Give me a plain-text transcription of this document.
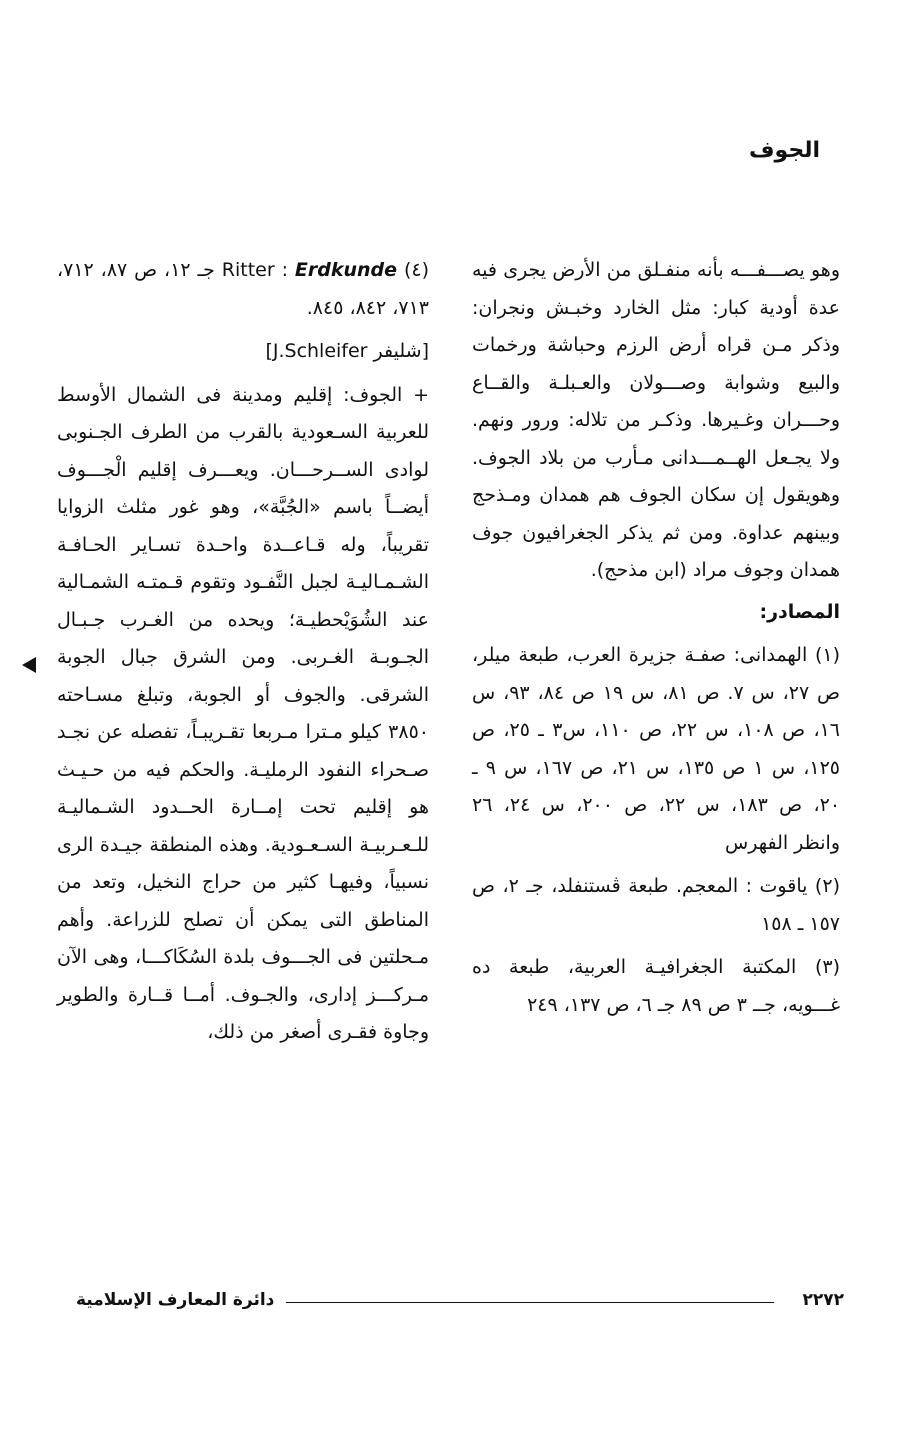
الجوف

وهو يصـــفـــه بأنه منفـلق من الأرض يجرى فيه عدة أودية كبار: مثل الخارد وخبـش ونجران: وذكر مـن قراه أرض الرزم وحباشة ورخمات والبيع وشوابة وصـــولان والعـبلـة والقــاع وحـــران وغـيرها. وذكـر من تلاله: ورور ونهم. ولا يجـعل الهــمـــدانى مـأرب من بلاد الجوف. وهويقول إن سكان الجوف هم همدان ومـذحج وبينهم عداوة. ومن ثم يذكر الجغرافيون جوف همدان وجوف مراد (ابن مذحج).

المصادر:

(١) الهمدانى: صفـة جزيرة العرب، طبعة ميلر، ص ٢٧، س ٧. ص ٨١، س ١٩ ص ٨٤، ٩٣، س ١٦، ص ١٠٨، س ٢٢، ص ١١٠، س٣ ـ ٢٥، ص ١٢٥، س ١ ص ١٣٥، س ٢١، ص ١٦٧، س ٩ ـ ٢٠، ص ١٨٣، س ٢٢، ص ٢٠٠، س ٢٤، ٢٦ وانظر الفهرس

(٢) ياقوت : المعجم. طبعة ڤستنفلد، جـ ٢، ص ١٥٧ ـ ١٥٨

(٣) المكتبة الجغرافيـة العربية، طبعة ده غـــويه، جــ ٣ ص ٨٩ جـ ٦، ص ١٣٧، ٢٤٩

(٤) Ritter : Erdkunde جـ ١٢، ص ٨٧، ٧١٢، ٧١٣، ٨٤٢، ٨٤٥.

[شليفر J.Schleifer]

+ الجوف: إقليم ومدينة فى الشمال الأوسط للعربية السـعودية بالقرب من الطرف الجـنوبى لوادى الســرحـــان. ويعـــرف إقليم الْجـــوف أيضــاً باسم «الجُبَّة»، وهو غور مثلث الزوايا تقريباً، وله قـاعــدة واحـدة تسـاير الحـافـة الشـمـاليـة لجبل النَّفـود وتقوم قـمتـه الشمـالية عند الشُوَيْحطيـة؛ ويحده من الغـرب جـبـال الجـوبـة الغـربى. ومن الشرق جبال الجوبة الشرقى. والجوف أو الجوبة، وتبلغ مسـاحته ٣٨٥٠ كيلو مـترا مـربعا تقـريبـاً، تفصله عن نجـد صـحراء النفود الرمليـة. والحكم فيه من حـيـث هو إقليم تحت إمــارة الحــدود الشـماليـة للـعـربيـة السـعـودية. وهذه المنطقة جيـدة الرى نسبياً، وفيهـا كثير من حراج النخيل، وتعد من المناطق التى يمكن أن تصلح للزراعة. وأهم مـحلتين فى الجـــوف بلدة السُكَاكـــا، وهى الآن مـركـــز إدارى، والجـوف. أمــا قــارة والطوير وجاوة فقـرى أصغر من ذلك،

دائرة المعارف الإسلامية	٢٢٧٢
